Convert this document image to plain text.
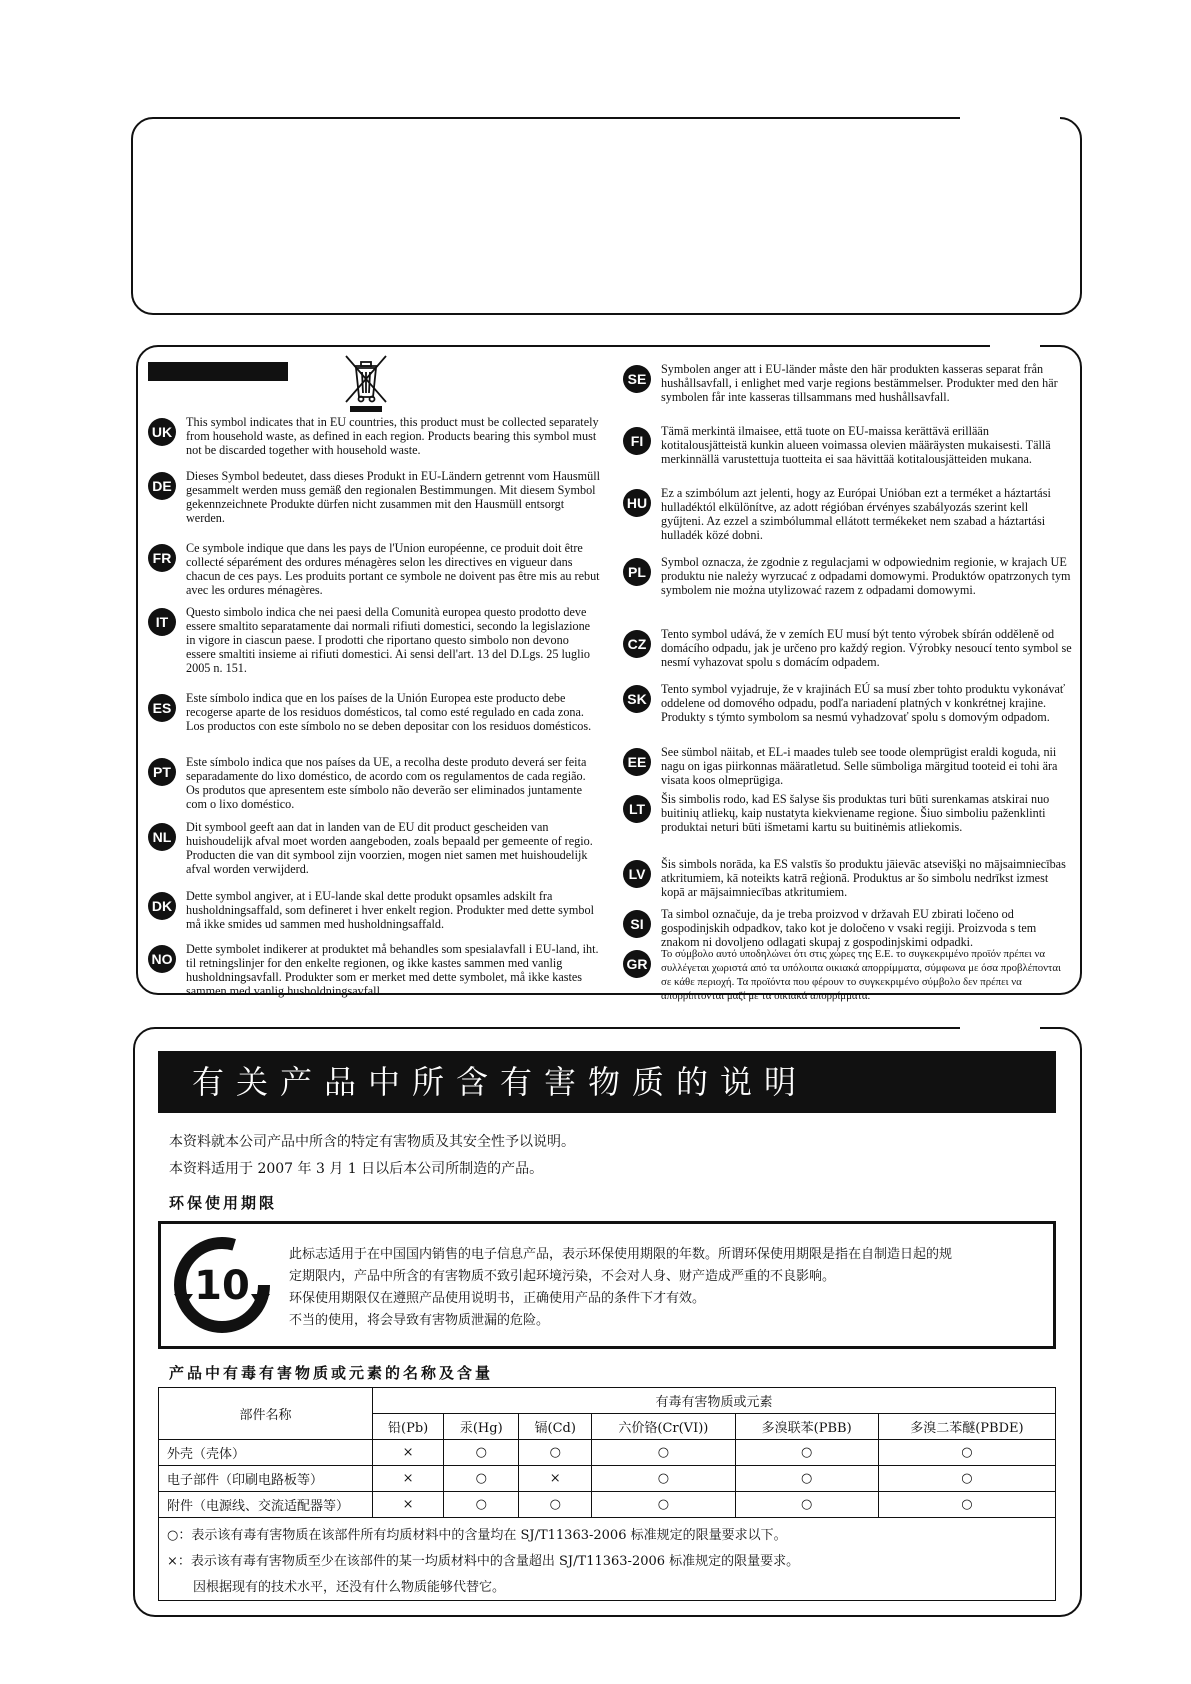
UK
This symbol indicates that in EU countries, this product must be collected separately from household waste, as defined in each region. Products bearing this symbol must not be discarded together with household waste.
DE
Dieses Symbol bedeutet, dass dieses Produkt in EU-Ländern getrennt vom Hausmüll gesammelt werden muss gemäß den regionalen Bestimmungen. Mit diesem Symbol gekennzeichnete Produkte dürfen nicht zusammen mit den Hausmüll entsorgt werden.
FR
Ce symbole indique que dans les pays de l'Union européenne, ce produit doit être collecté séparément des ordures ménagères selon les directives en vigueur dans chacun de ces pays. Les produits portant ce symbole ne doivent pas être mis au rebut avec les ordures ménagères.
IT
Questo simbolo indica che nei paesi della Comunità europea questo prodotto deve essere smaltito separatamente dai normali rifiuti domestici, secondo la legislazione in vigore in ciascun paese. I prodotti che riportano questo simbolo non devono essere smaltiti insieme ai rifiuti domestici. Ai sensi dell'art. 13 del D.Lgs. 25 luglio 2005 n. 151.
ES
Este símbolo indica que en los países de la Unión Europea este producto debe recogerse aparte de los residuos domésticos, tal como esté regulado en cada zona. Los productos con este símbolo no se deben depositar con los residuos domésticos.
PT
Este símbolo indica que nos países da UE, a recolha deste produto deverá ser feita separadamente do lixo doméstico, de acordo com os regulamentos de cada região. Os produtos que apresentem este símbolo não deverão ser eliminados juntamente com o lixo doméstico.
NL
Dit symbool geeft aan dat in landen van de EU dit product gescheiden van huishoudelijk afval moet worden aangeboden, zoals bepaald per gemeente of regio. Producten die van dit symbool zijn voorzien, mogen niet samen met huishoudelijk afval worden verwijderd.
DK
Dette symbol angiver, at i EU-lande skal dette produkt opsamles adskilt fra husholdningsaffald, som defineret i hver enkelt region. Produkter med dette symbol må ikke smides ud sammen med husholdningsaffald.
NO
Dette symbolet indikerer at produktet må behandles som spesialavfall i EU-land, iht. til retningslinjer for den enkelte regionen, og ikke kastes sammen med vanlig husholdningsavfall. Produkter som er merket med dette symbolet, må ikke kastes sammen med vanlig husholdningsavfall.
SE
Symbolen anger att i EU-länder måste den här produkten kasseras separat från hushållsavfall, i enlighet med varje regions bestämmelser. Produkter med den här symbolen får inte kasseras tillsammans med hushållsavfall.
FI
Tämä merkintä ilmaisee, että tuote on EU-maissa kerättävä erillään kotitalousjätteistä kunkin alueen voimassa olevien määräysten mukaisesti. Tällä merkinnällä varustettuja tuotteita ei saa hävittää kotitalousjätteiden mukana.
HU
Ez a szimbólum azt jelenti, hogy az Európai Unióban ezt a terméket a háztartási hulladéktól elkülönítve, az adott régióban érvényes szabályozás szerint kell gyűjteni. Az ezzel a szimbólummal ellátott termékeket nem szabad a háztartási hulladék közé dobni.
PL
Symbol oznacza, że zgodnie z regulacjami w odpowiednim regionie, w krajach UE produktu nie należy wyrzucać z odpadami domowymi. Produktów opatrzonych tym symbolem nie można utylizować razem z odpadami domowymi.
CZ
Tento symbol udává, že v zemích EU musí být tento výrobek sbírán odděleně od domácího odpadu, jak je určeno pro každý region. Výrobky nesoucí tento symbol se nesmí vyhazovat spolu s domácím odpadem.
SK
Tento symbol vyjadruje, že v krajinách EÚ sa musí zber tohto produktu vykonávať oddelene od domového odpadu, podľa nariadení platných v konkrétnej krajine. Produkty s týmto symbolom sa nesmú vyhadzovať spolu s domovým odpadom.
EE
See sümbol näitab, et EL-i maades tuleb see toode olemprügist eraldi koguda, nii nagu on igas piirkonnas määratletud. Selle sümboliga märgitud tooteid ei tohi ära visata koos olmeprügiga.
LT
Šis simbolis rodo, kad ES šalyse šis produktas turi būti surenkamas atskirai nuo buitinių atliekų, kaip nustatyta kiekviename regione. Šiuo simboliu paženklinti produktai neturi būti išmetami kartu su buitinėmis atliekomis.
LV
Šis simbols norāda, ka ES valstīs šo produktu jāievāc atsevišķi no mājsaimniecības atkritumiem, kā noteikts katrā reģionā. Produktus ar šo simbolu nedrīkst izmest kopā ar mājsaimniecības atkritumiem.
SI
Ta simbol označuje, da je treba proizvod v državah EU zbirati ločeno od gospodinjskih odpadkov, tako kot je določeno v vsaki regiji. Proizvoda s tem znakom ni dovoljeno odlagati skupaj z gospodinjskimi odpadki.
GR
Το σύμβολο αυτό υποδηλώνει ότι στις χώρες της Ε.Ε. το συγκεκριμένο προϊόν πρέπει να συλλέγεται χωριστά από τα υπόλοιπα οικιακά απορρίμματα, σύμφωνα με όσα προβλέπονται σε κάθε περιοχή. Τα προϊόντα που φέρουν το συγκεκριμένο σύμβολο δεν πρέπει να απορρίπτονται μαζί με τα οικιακά απορρίμματα.
有关产品中所含有害物质的说明
本资料就本公司产品中所含的特定有害物质及其安全性予以说明。
本资料适用于 2007 年 3 月 1 日以后本公司所制造的产品。
环保使用期限
10
此标志适用于在中国国内销售的电子信息产品，表示环保使用期限的年数。所谓环保使用期限是指在自制造日起的规
定期限内，产品中所含的有害物质不致引起环境污染，不会对人身、财产造成严重的不良影响。
环保使用期限仅在遵照产品使用说明书，正确使用产品的条件下才有效。
不当的使用，将会导致有害物质泄漏的危险。
产品中有毒有害物质或元素的名称及含量
部件名称	有毒有害物质或元素					
	铅(Pb)	汞(Hg)	镉(Cd)	六价铬(Cr(VI))	多溴联苯(PBB)	多溴二苯醚(PBDE)
外壳（壳体）	×	○	○	○	○	○
电子部件（印刷电路板等）	×	○	×	○	○	○
附件（电源线、交流适配器等）	×	○	○	○	○	○
○：表示该有毒有害物质在该部件所有均质材料中的含量均在 SJ/T11363-2006 标准规定的限量要求以下。
×：表示该有毒有害物质至少在该部件的某一均质材料中的含量超出 SJ/T11363-2006 标准规定的限量要求。
因根据现有的技术水平，还没有什么物质能够代替它。
